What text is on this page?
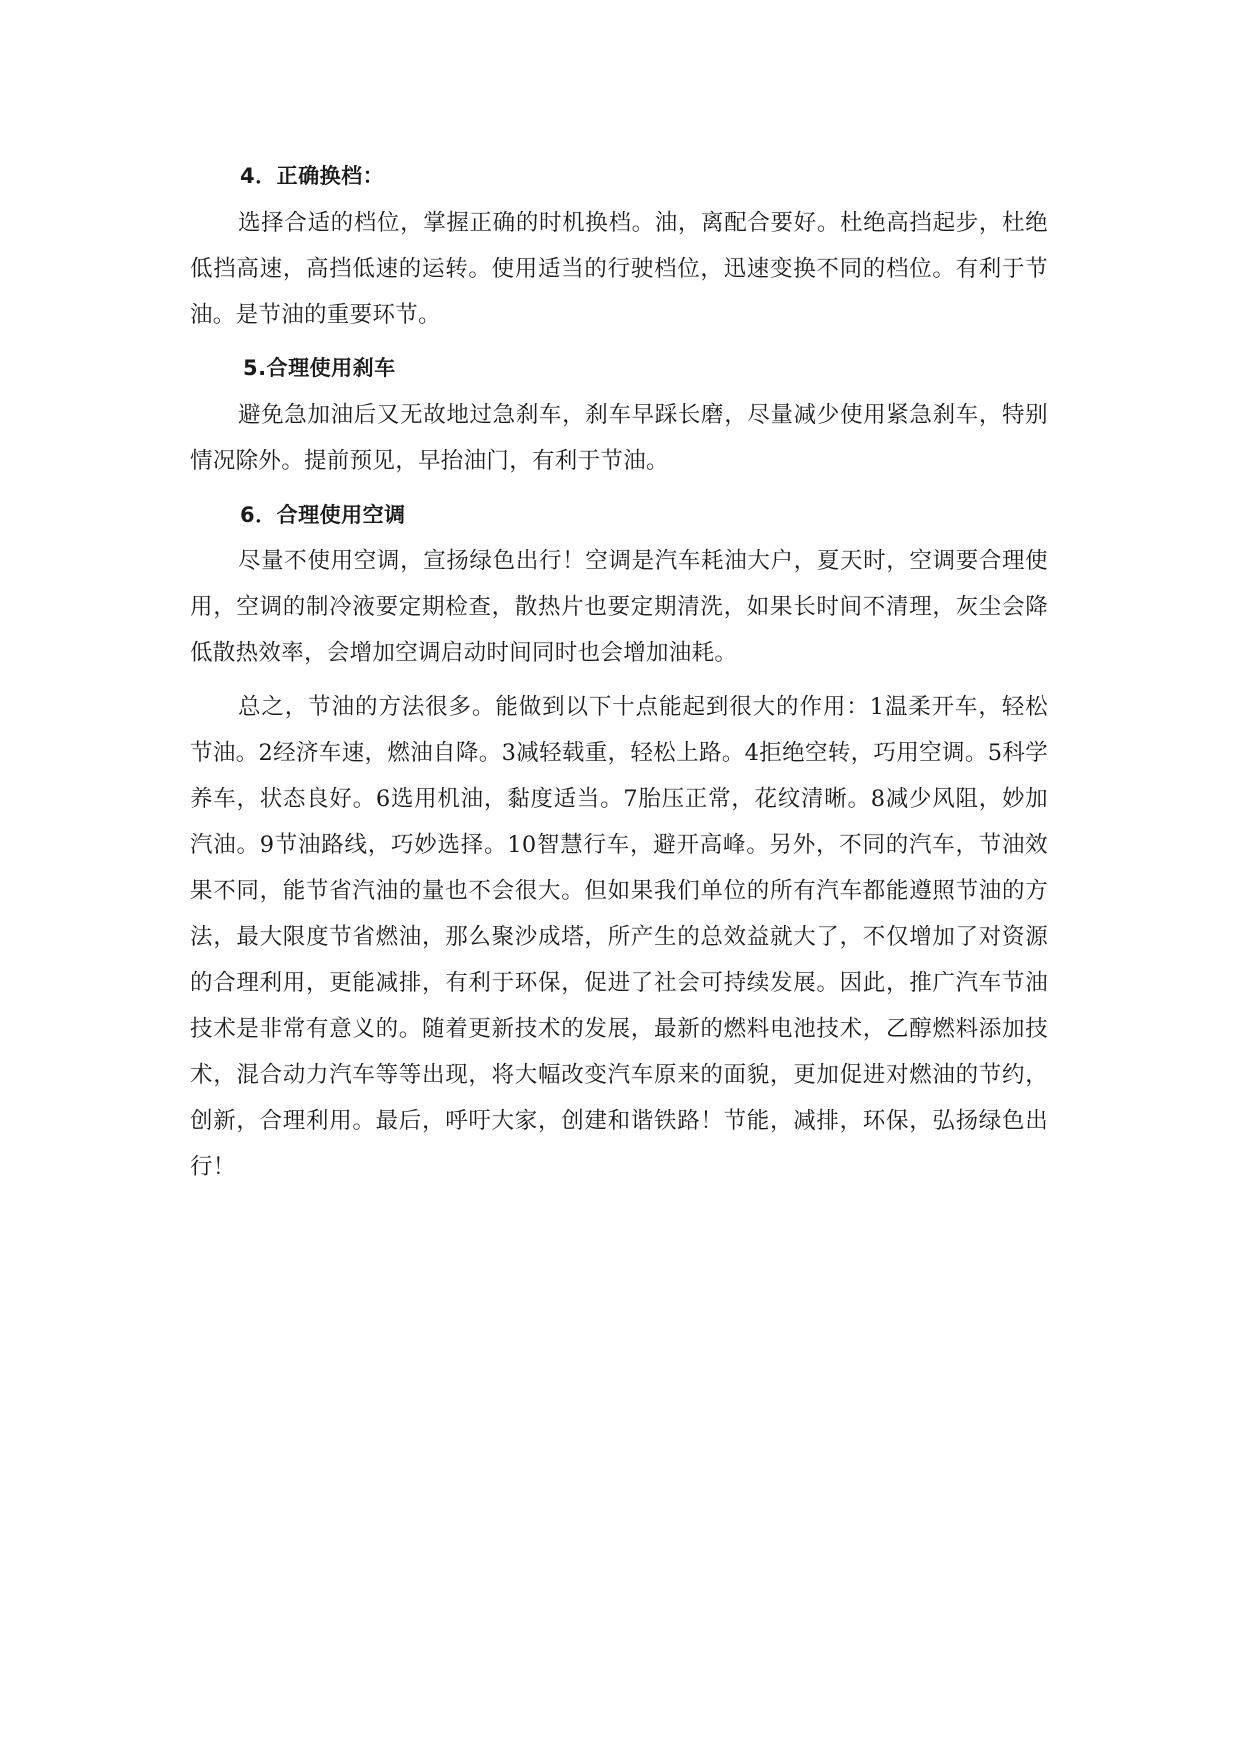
4．正确换档：

选择合适的档位，掌握正确的时机换档。油，离配合要好。杜绝高挡起步，杜绝低挡高速，高挡低速的运转。使用适当的行驶档位，迅速变换不同的档位。有利于节油。是节油的重要环节。

5.合理使用刹车

避免急加油后又无故地过急刹车，刹车早踩长磨，尽量减少使用紧急刹车，特别情况除外。提前预见，早抬油门，有利于节油。

6．合理使用空调

尽量不使用空调，宣扬绿色出行！空调是汽车耗油大户，夏天时，空调要合理使用，空调的制冷液要定期检查，散热片也要定期清洗，如果长时间不清理，灰尘会降低散热效率，会增加空调启动时间同时也会增加油耗。

总之，节油的方法很多。能做到以下十点能起到很大的作用：1温柔开车，轻松节油。2经济车速，燃油自降。3减轻载重，轻松上路。4拒绝空转，巧用空调。5科学养车，状态良好。6选用机油，黏度适当。7胎压正常，花纹清晰。8减少风阻，妙加汽油。9节油路线，巧妙选择。10智慧行车，避开高峰。另外，不同的汽车，节油效果不同，能节省汽油的量也不会很大。但如果我们单位的所有汽车都能遵照节油的方法，最大限度节省燃油，那么聚沙成塔，所产生的总效益就大了，不仅增加了对资源的合理利用，更能减排，有利于环保，促进了社会可持续发展。因此，推广汽车节油技术是非常有意义的。随着更新技术的发展，最新的燃料电池技术，乙醇燃料添加技术，混合动力汽车等等出现，将大幅改变汽车原来的面貌，更加促进对燃油的节约，创新，合理利用。最后，呼吁大家，创建和谐铁路！节能，减排，环保，弘扬绿色出行！
